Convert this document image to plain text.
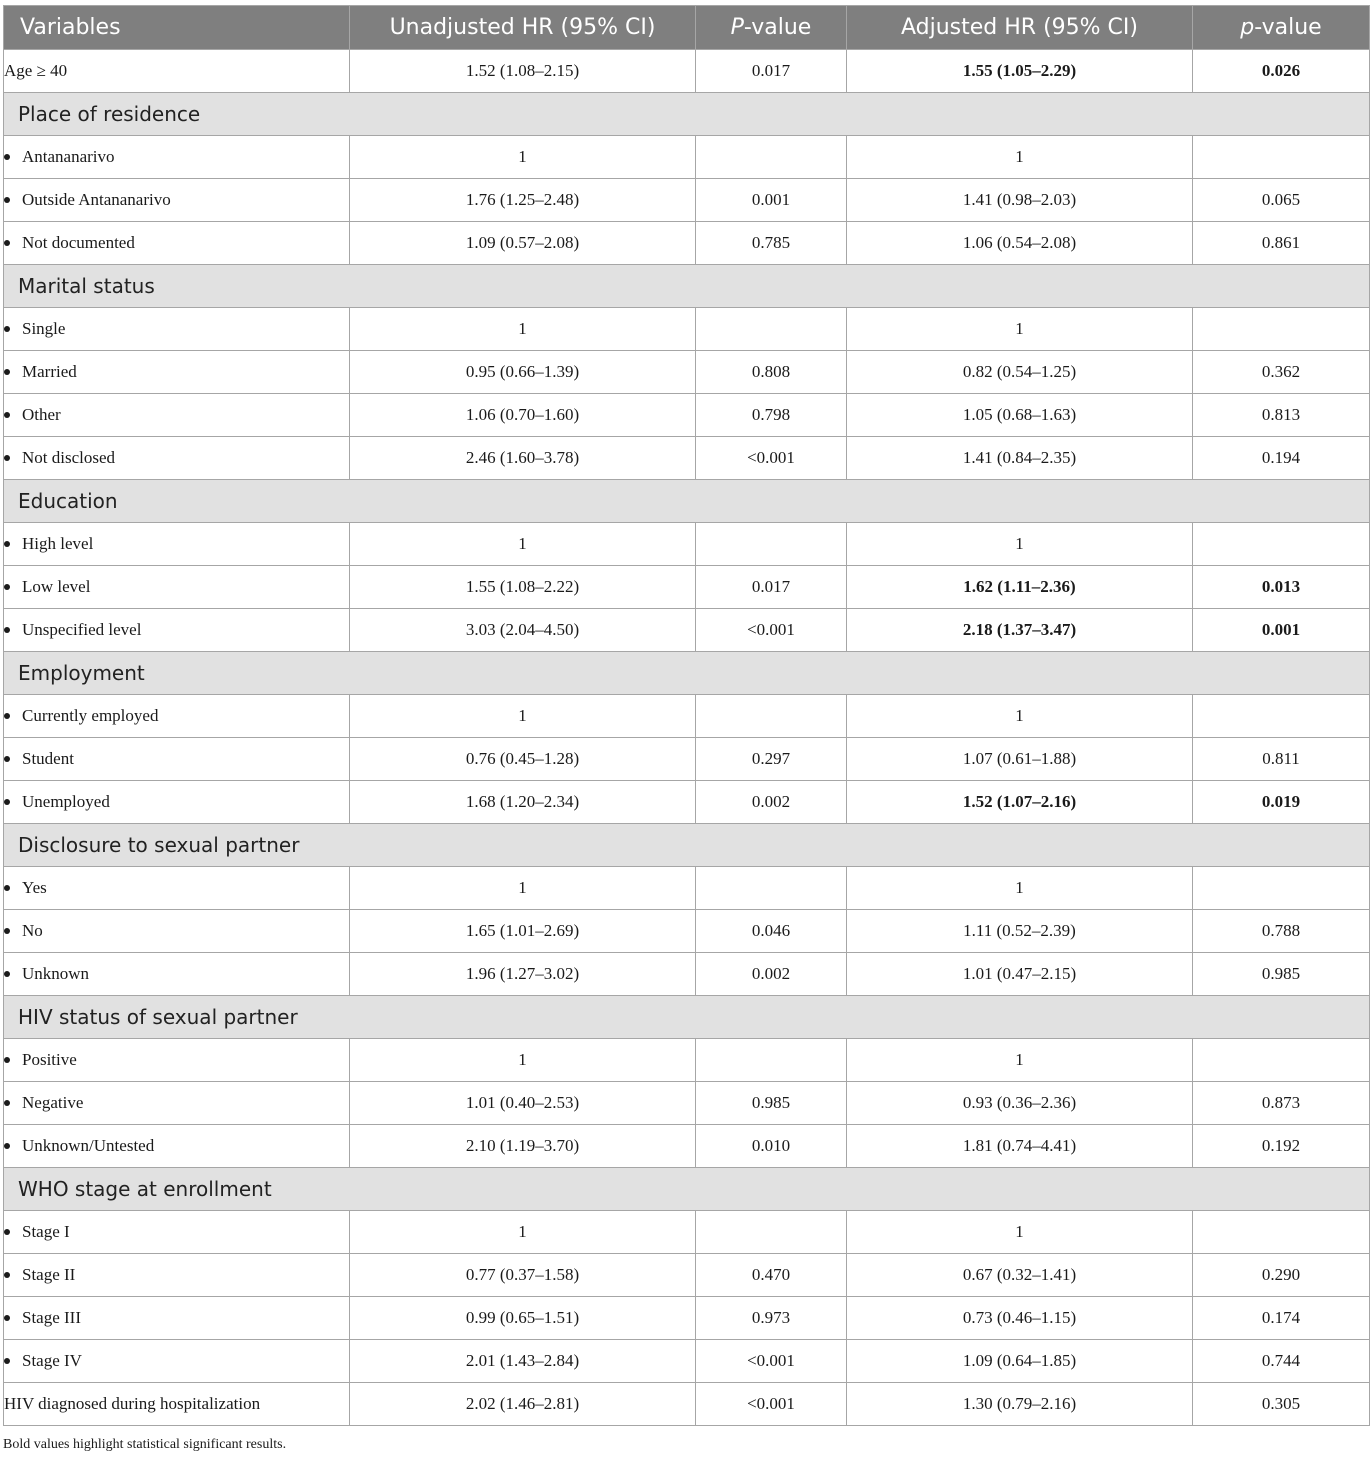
Variables	Unadjusted HR (95% CI)	P-value	Adjusted HR (95% CI)	p-value
Age ≥ 40	1.52 (1.08–2.15)	0.017	1.55 (1.05–2.29)	0.026
Place of residence				
Antananarivo	1		1	
Outside Antananarivo	1.76 (1.25–2.48)	0.001	1.41 (0.98–2.03)	0.065
Not documented	1.09 (0.57–2.08)	0.785	1.06 (0.54–2.08)	0.861
Marital status				
Single	1		1	
Married	0.95 (0.66–1.39)	0.808	0.82 (0.54–1.25)	0.362
Other	1.06 (0.70–1.60)	0.798	1.05 (0.68–1.63)	0.813
Not disclosed	2.46 (1.60–3.78)	<0.001	1.41 (0.84–2.35)	0.194
Education				
High level	1		1	
Low level	1.55 (1.08–2.22)	0.017	1.62 (1.11–2.36)	0.013
Unspecified level	3.03 (2.04–4.50)	<0.001	2.18 (1.37–3.47)	0.001
Employment				
Currently employed	1		1	
Student	0.76 (0.45–1.28)	0.297	1.07 (0.61–1.88)	0.811
Unemployed	1.68 (1.20–2.34)	0.002	1.52 (1.07–2.16)	0.019
Disclosure to sexual partner				
Yes	1		1	
No	1.65 (1.01–2.69)	0.046	1.11 (0.52–2.39)	0.788
Unknown	1.96 (1.27–3.02)	0.002	1.01 (0.47–2.15)	0.985
HIV status of sexual partner				
Positive	1		1	
Negative	1.01 (0.40–2.53)	0.985	0.93 (0.36–2.36)	0.873
Unknown/Untested	2.10 (1.19–3.70)	0.010	1.81 (0.74–4.41)	0.192
WHO stage at enrollment				
Stage I	1		1	
Stage II	0.77 (0.37–1.58)	0.470	0.67 (0.32–1.41)	0.290
Stage III	0.99 (0.65–1.51)	0.973	0.73 (0.46–1.15)	0.174
Stage IV	2.01 (1.43–2.84)	<0.001	1.09 (0.64–1.85)	0.744
HIV diagnosed during hospitalization	2.02 (1.46–2.81)	<0.001	1.30 (0.79–2.16)	0.305
Bold values highlight statistical significant results.
